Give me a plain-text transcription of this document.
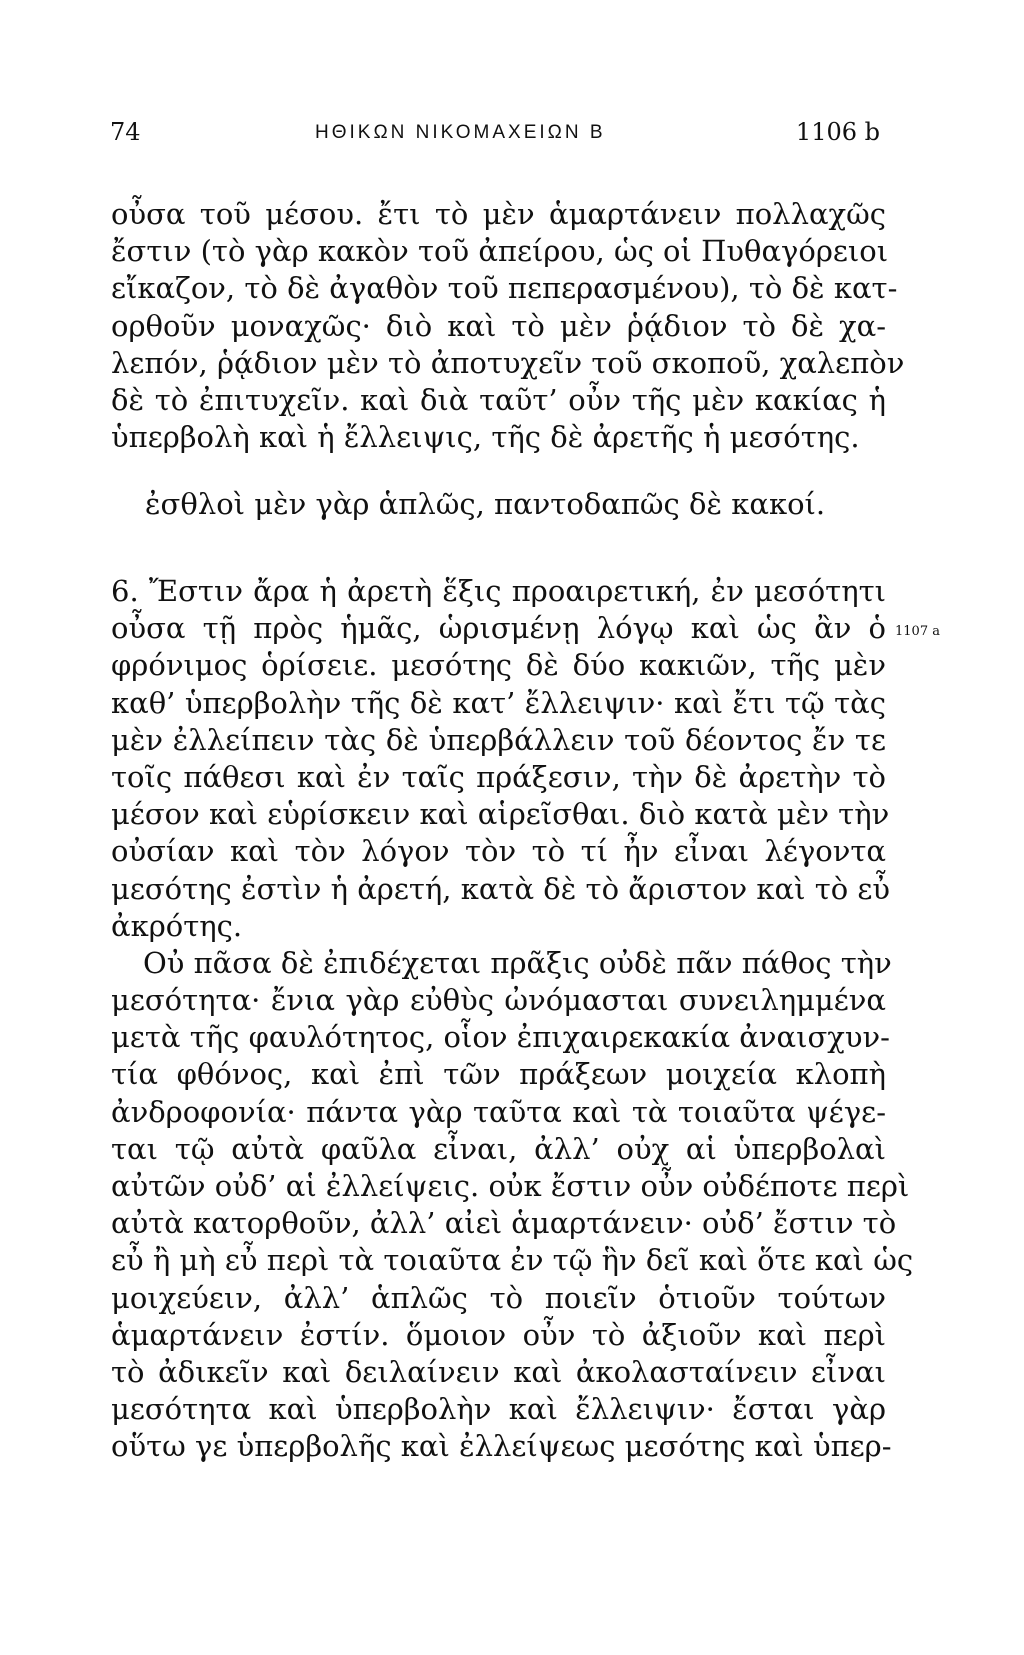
74	ΗΘΙΚΩΝ ΝΙΚΟΜΑΧΕΙΩΝ Β	1106 b
οὖσα τοῦ μέσου. ἔτι τὸ μὲν ἁμαρτάνειν πολλαχῶς
ἔστιν (τὸ γὰρ κακὸν τοῦ ἀπείρου, ὡς οἱ Πυθαγόρειοι
εἴκαζον, τὸ δὲ ἀγαθὸν τοῦ πεπερασμένου), τὸ δὲ κατ-
ορθοῦν μοναχῶς· διὸ καὶ τὸ μὲν ῥᾴδιον τὸ δὲ χα-
λεπόν, ῥᾴδιον μὲν τὸ ἀποτυχεῖν τοῦ σκοποῦ, χαλεπὸν
δὲ τὸ ἐπιτυχεῖν. καὶ διὰ ταῦτ’ οὖν τῆς μὲν κακίας ἡ
ὑπερβολὴ καὶ ἡ ἔλλειψις, τῆς δὲ ἀρετῆς ἡ μεσότης.
ἐσθλοὶ μὲν γὰρ ἁπλῶς, παντοδαπῶς δὲ κακοί.
1107 a
6. Ἔστιν ἄρα ἡ ἀρετὴ ἕξις προαιρετική, ἐν μεσότητι
οὖσα τῇ πρὸς ἡμᾶς, ὡρισμένῃ λόγῳ καὶ ὡς ἂν ὁ
φρόνιμος ὁρίσειε. μεσότης δὲ δύο κακιῶν, τῆς μὲν
καθ’ ὑπερβολὴν τῆς δὲ κατ’ ἔλλειψιν· καὶ ἔτι τῷ τὰς
μὲν ἐλλείπειν τὰς δὲ ὑπερβάλλειν τοῦ δέοντος ἔν τε
τοῖς πάθεσι καὶ ἐν ταῖς πράξεσιν, τὴν δὲ ἀρετὴν τὸ
μέσον καὶ εὑρίσκειν καὶ αἱρεῖσθαι. διὸ κατὰ μὲν τὴν
οὐσίαν καὶ τὸν λόγον τὸν τὸ τί ἦν εἶναι λέγοντα
μεσότης ἐστὶν ἡ ἀρετή, κατὰ δὲ τὸ ἄριστον καὶ τὸ εὖ
ἀκρότης.
Οὐ πᾶσα δὲ ἐπιδέχεται πρᾶξις οὐδὲ πᾶν πάθος τὴν
μεσότητα· ἔνια γὰρ εὐθὺς ὠνόμασται συνειλημμένα
μετὰ τῆς φαυλότητος, οἷον ἐπιχαιρεκακία ἀναισχυν-
τία φθόνος, καὶ ἐπὶ τῶν πράξεων μοιχεία κλοπὴ
ἀνδροφονία· πάντα γὰρ ταῦτα καὶ τὰ τοιαῦτα ψέγε-
ται τῷ αὐτὰ φαῦλα εἶναι, ἀλλ’ οὐχ αἱ ὑπερβολαὶ
αὐτῶν οὐδ’ αἱ ἐλλείψεις. οὐκ ἔστιν οὖν οὐδέποτε περὶ
αὐτὰ κατορθοῦν, ἀλλ’ αἰεὶ ἁμαρτάνειν· οὐδ’ ἔστιν τὸ
εὖ ἢ μὴ εὖ περὶ τὰ τοιαῦτα ἐν τῷ ἣν δεῖ καὶ ὅτε καὶ ὡς
μοιχεύειν, ἀλλ’ ἁπλῶς τὸ ποιεῖν ὁτιοῦν τούτων
ἁμαρτάνειν ἐστίν. ὅμοιον οὖν τὸ ἀξιοῦν καὶ περὶ
τὸ ἀδικεῖν καὶ δειλαίνειν καὶ ἀκολασταίνειν εἶναι
μεσότητα καὶ ὑπερβολὴν καὶ ἔλλειψιν· ἔσται γὰρ
οὕτω γε ὑπερβολῆς καὶ ἐλλείψεως μεσότης καὶ ὑπερ-
